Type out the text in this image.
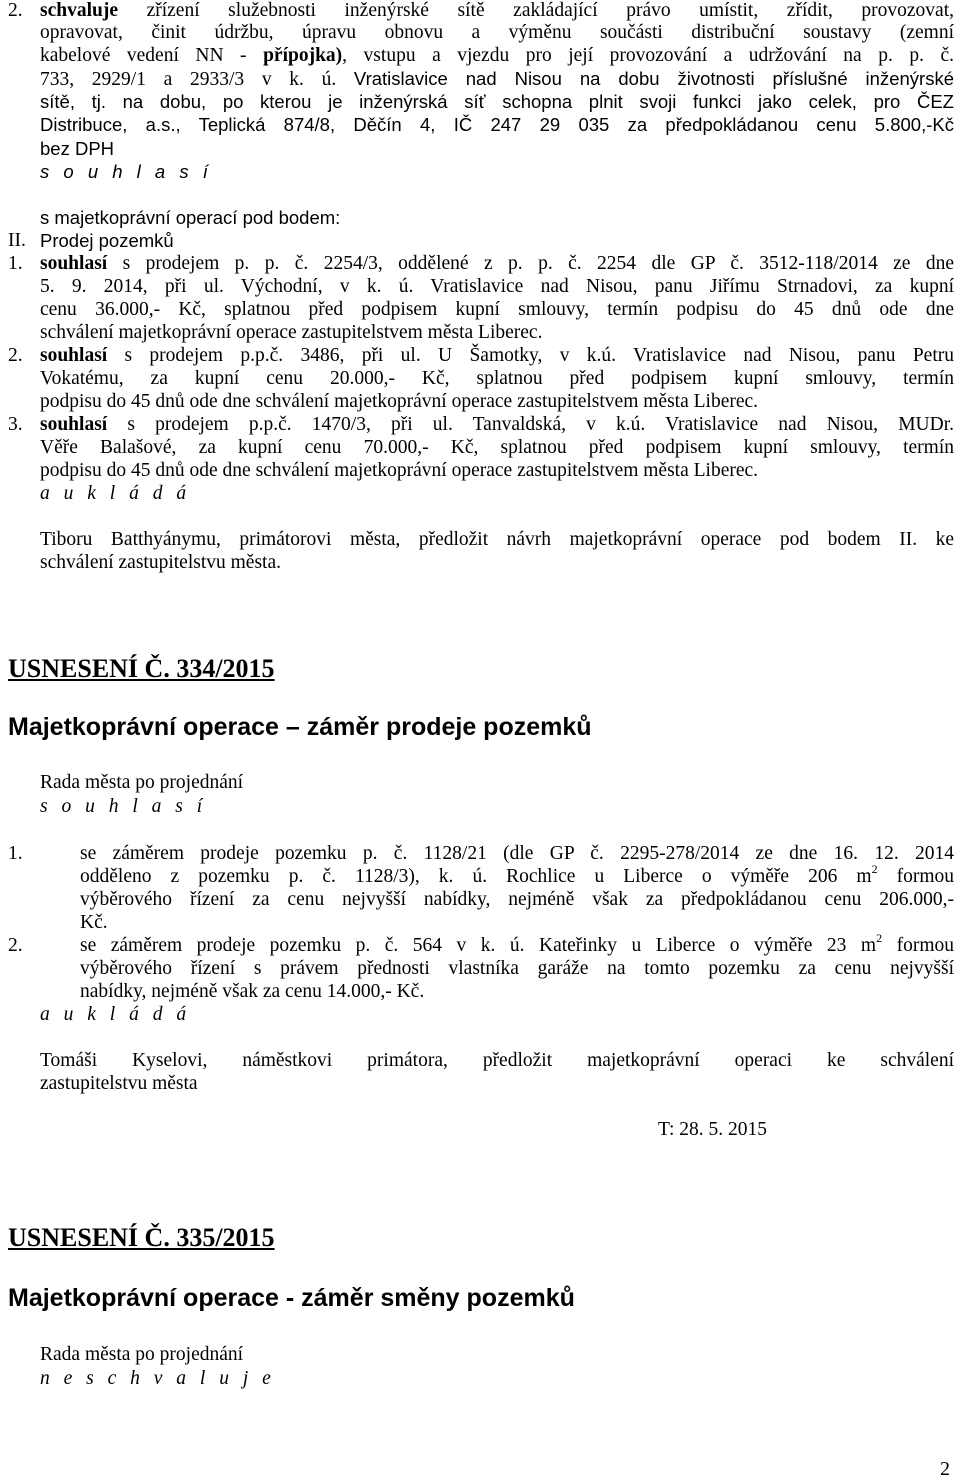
2. schvaluje zřízení služebnosti inženýrské sítě zakládající právo umístit, zřídit, provozovat,
opravovat, činit údržbu, úpravu obnovu a výměnu součásti distribuční soustavy (zemní
kabelové vedení NN - přípojka), vstupu a vjezdu pro její provozování a udržování na p. p. č.
733, 2929/1 a 2933/3 v k. ú. Vratislavice nad Nisou na dobu životnosti příslušné inženýrské
sítě, tj. na dobu, po kterou je inženýrská síť schopna plnit svoji funkci jako celek, pro ČEZ
Distribuce, a.s., Teplická 874/8, Děčín 4, IČ 247 29 035 za předpokládanou cenu 5.800,-Kč
bez DPH
s o u h l a s í
s majetkoprávní operací pod bodem:
II. Prodej pozemků
1. souhlasí s prodejem p. p. č. 2254/3, oddělené z p. p. č. 2254 dle GP č. 3512-118/2014 ze dne
5. 9. 2014, při ul. Východní, v k. ú. Vratislavice nad Nisou, panu Jiřímu Strnadovi, za kupní
cenu 36.000,- Kč, splatnou před podpisem kupní smlouvy, termín podpisu do 45 dnů ode dne
schválení majetkoprávní operace zastupitelstvem města Liberec.
2. souhlasí s prodejem p.p.č. 3486, při ul. U Šamotky, v k.ú. Vratislavice nad Nisou, panu Petru
Vokatému, za kupní cenu 20.000,- Kč, splatnou před podpisem kupní smlouvy, termín
podpisu do 45 dnů ode dne schválení majetkoprávní operace zastupitelstvem města Liberec.
3. souhlasí s prodejem p.p.č. 1470/3, při ul. Tanvaldská, v k.ú. Vratislavice nad Nisou, MUDr.
Věře Balašové, za kupní cenu 70.000,- Kč, splatnou před podpisem kupní smlouvy, termín
podpisu do 45 dnů ode dne schválení majetkoprávní operace zastupitelstvem města Liberec.
a u k l á d á
Tiboru Batthyánymu, primátorovi města, předložit návrh majetkoprávní operace pod bodem II. ke
schválení zastupitelstvu města.
USNESENÍ Č. 334/2015
Majetkoprávní operace – záměr prodeje pozemků
Rada města po projednání
s o u h l a s í
1.	se záměrem prodeje pozemku p. č. 1128/21 (dle GP č. 2295-278/2014 ze dne 16. 12. 2014
odděleno z pozemku p. č. 1128/3), k. ú. Rochlice u Liberce o výměře 206 $m^2$ formou
výběrového řízení za cenu nejvyšší nabídky, nejméně však za předpokládanou cenu 206.000,-
Kč.
2.	se záměrem prodeje pozemku p. č. 564 v k. ú. Kateřinky u Liberce o výměře 23 $m^2$ formou
výběrového řízení s právem přednosti vlastníka garáže na tomto pozemku za cenu nejvyšší
nabídky, nejméně však za cenu 14.000,- Kč.
a u k l á d á
Tomáši Kyselovi, náměstkovi primátora, předložit majetkoprávní operaci ke schválení
zastupitelstvu města
T: 28. 5. 2015
USNESENÍ Č. 335/2015
Majetkoprávní operace - záměr směny pozemků
Rada města po projednání
n e s c h v a l u j e
2
